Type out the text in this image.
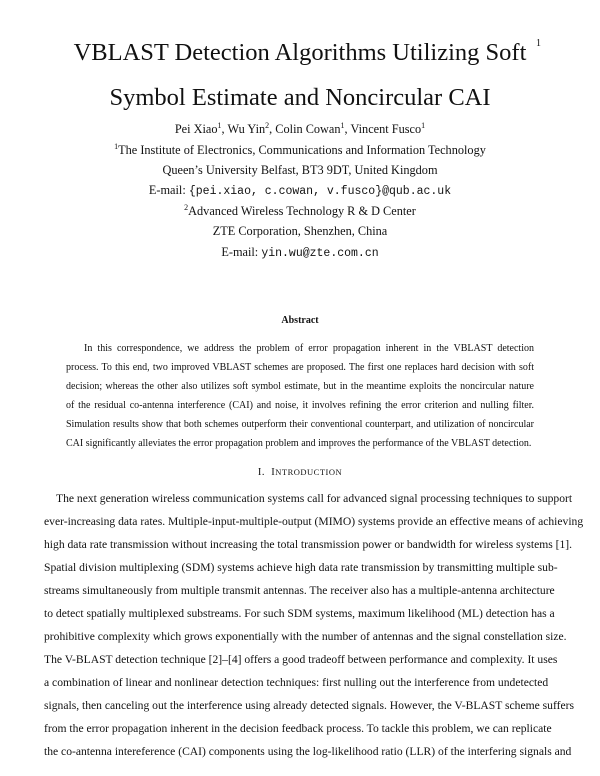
1
VBLAST Detection Algorithms Utilizing Soft
Symbol Estimate and Noncircular CAI
Pei Xiao$^1$, Wu Yin$^2$, Colin Cowan$^1$, Vincent Fusco$^1$
$^1$The Institute of Electronics, Communications and Information Technology
Queen’s University Belfast, BT3 9DT, United Kingdom
E-mail: {pei.xiao, c.cowan, v.fusco}@qub.ac.uk
$^2$Advanced Wireless Technology R & D Center
ZTE Corporation, Shenzhen, China
E-mail: yin.wu@zte.com.cn
Abstract
In this correspondence, we address the problem of error propagation inherent in the VBLAST detection
process. To this end, two improved VBLAST schemes are proposed. The first one replaces hard decision with soft
decision; whereas the other also utilizes soft symbol estimate, but in the meantime exploits the noncircular nature
of the residual co-antenna interference (CAI) and noise, it involves refining the error criterion and nulling filter.
Simulation results show that both schemes outperform their conventional counterpart, and utilization of noncircular
CAI significantly alleviates the error propagation problem and improves the performance of the VBLAST detection.
I. INTRODUCTION
The next generation wireless communication systems call for advanced signal processing techniques to support
ever-increasing data rates. Multiple-input-multiple-output (MIMO) systems provide an effective means of achieving
high data rate transmission without increasing the total transmission power or bandwidth for wireless systems [1].
Spatial division multiplexing (SDM) systems achieve high data rate transmission by transmitting multiple sub-
streams simultaneously from multiple transmit antennas. The receiver also has a multiple-antenna architecture
to detect spatially multiplexed substreams. For such SDM systems, maximum likelihood (ML) detection has a
prohibitive complexity which grows exponentially with the number of antennas and the signal constellation size.
The V-BLAST detection technique [2]–[4] offers a good tradeoff between performance and complexity. It uses
a combination of linear and nonlinear detection techniques: first nulling out the interference from undetected
signals, then canceling out the interference using already detected signals. However, the V-BLAST scheme suffers
from the error propagation inherent in the decision feedback process. To tackle this problem, we can replicate
the co-antenna intereference (CAI) components using the log-likelihood ratio (LLR) of the interfering signals and
